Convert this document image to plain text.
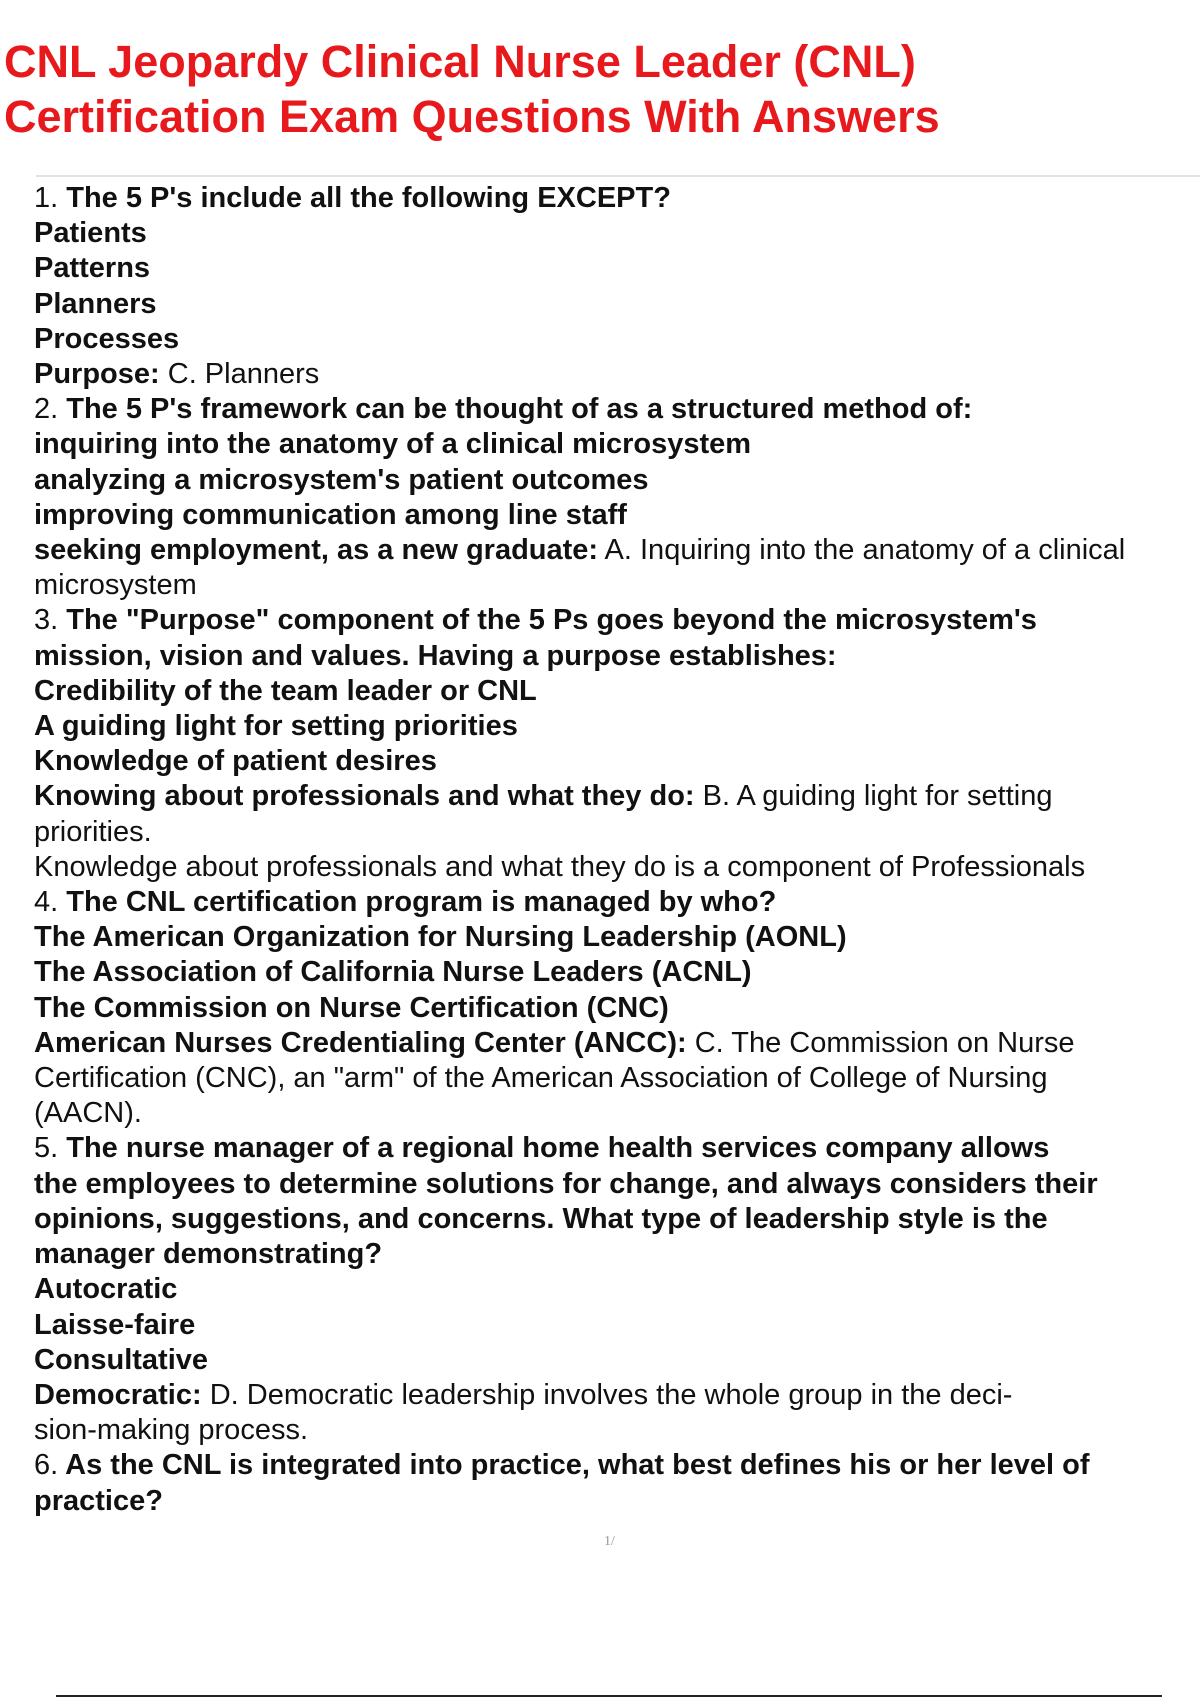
CNL Jeopardy Clinical Nurse Leader (CNL)
Certification Exam Questions With Answers
1. The 5 P's include all the following EXCEPT?
Patients
Patterns
Planners
Processes
Purpose: C. Planners
2. The 5 P's framework can be thought of as a structured method of:
inquiring into the anatomy of a clinical microsystem
analyzing a microsystem's patient outcomes
improving communication among line staff
seeking employment, as a new graduate: A. Inquiring into the anatomy of a clinical
microsystem
3. The "Purpose" component of the 5 Ps goes beyond the microsystem's
mission, vision and values. Having a purpose establishes:
Credibility of the team leader or CNL
A guiding light for setting priorities
Knowledge of patient desires
Knowing about professionals and what they do: B. A guiding light for setting
priorities.
Knowledge about professionals and what they do is a component of Professionals
4. The CNL certification program is managed by who?
The American Organization for Nursing Leadership (AONL)
The Association of California Nurse Leaders (ACNL)
The Commission on Nurse Certification (CNC)
American Nurses Credentialing Center (ANCC): C. The Commission on Nurse
Certification (CNC), an "arm" of the American Association of College of Nursing
(AACN).
5. The nurse manager of a regional home health services company allows
the employees to determine solutions for change, and always considers their
opinions, suggestions, and concerns. What type of leadership style is the
manager demonstrating?
Autocratic
Laisse-faire
Consultative
Democratic: D. Democratic leadership involves the whole group in the deci-
sion-making process.
6. As the CNL is integrated into practice, what best defines his or her level of
practice?
1/
